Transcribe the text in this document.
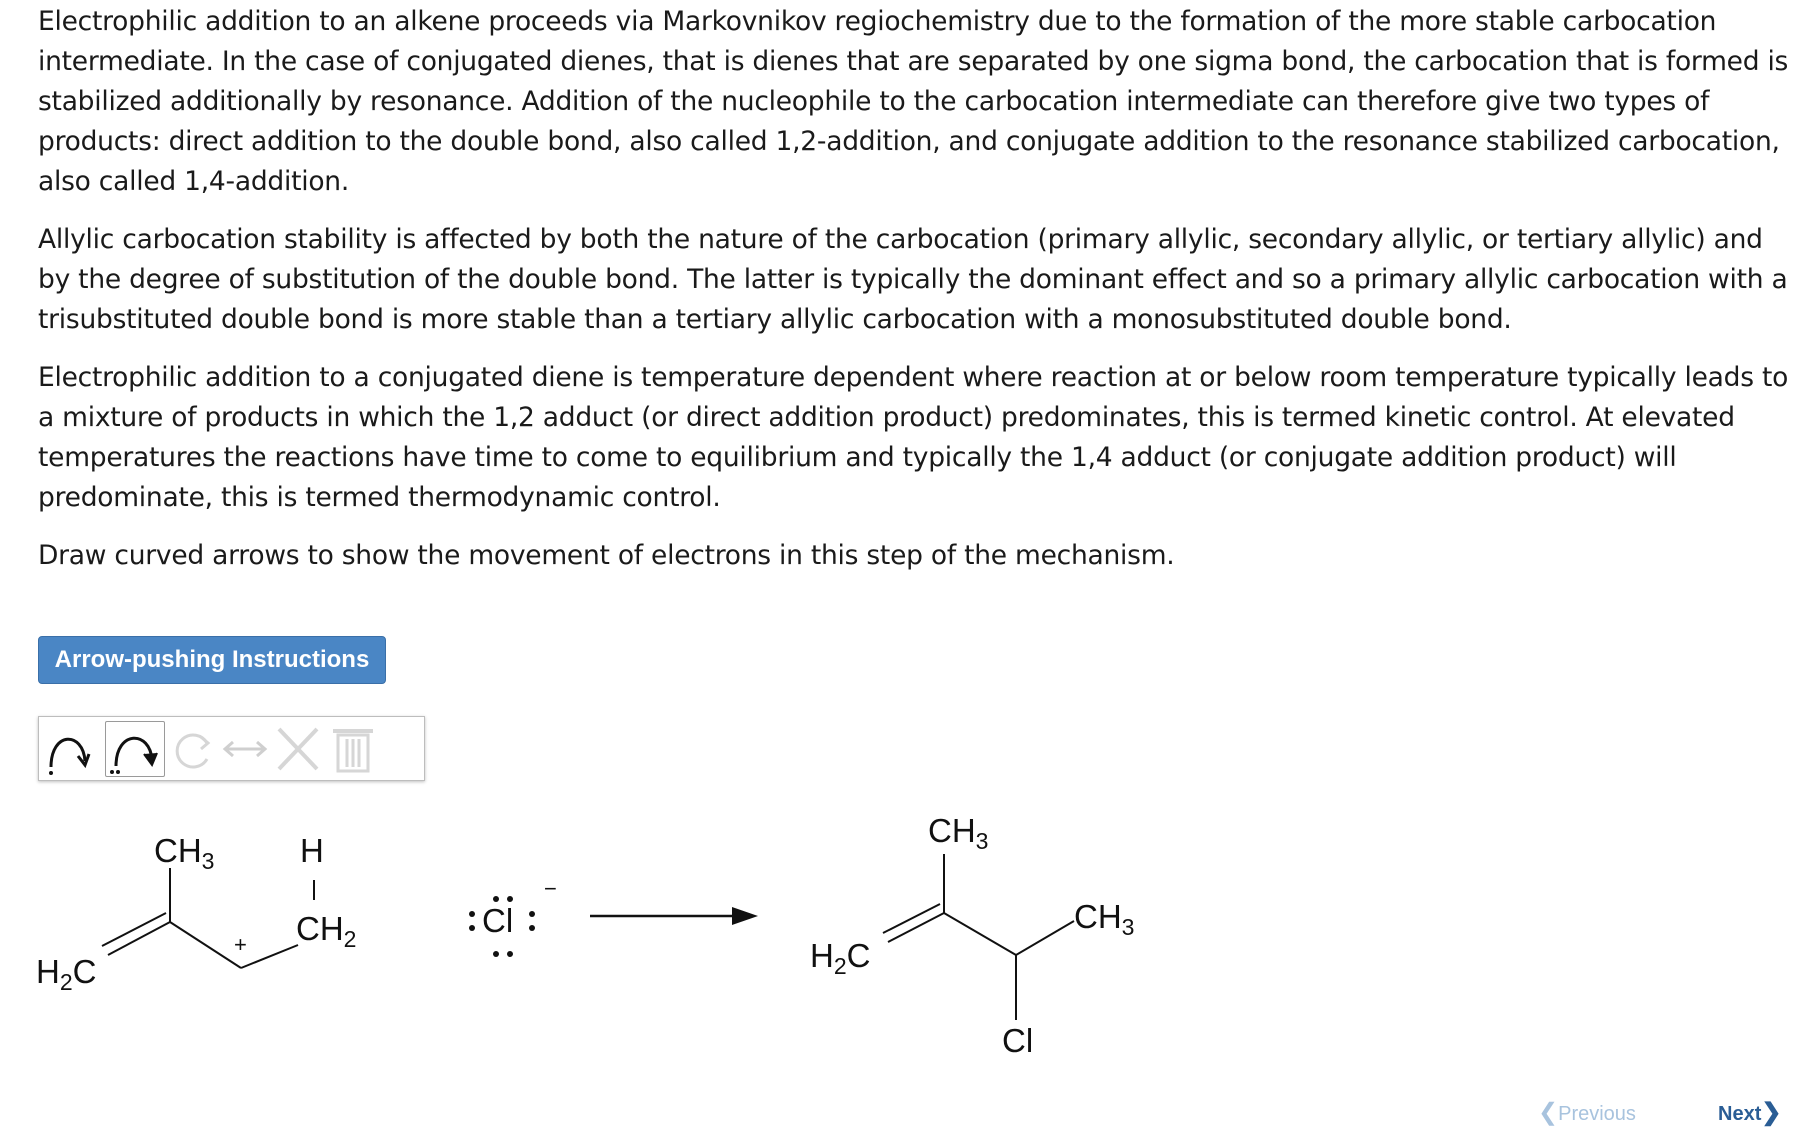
Electrophilic addition to an alkene proceeds via Markovnikov regiochemistry due to the formation of the more stable carbocation intermediate. In the case of conjugated dienes, that is dienes that are separated by one sigma bond, the carbocation that is formed is stabilized additionally by resonance. Addition of the nucleophile to the carbocation intermediate can therefore give two types of products: direct addition to the double bond, also called 1,2-addition, and conjugate addition to the resonance stabilized carbocation, also called 1,4-addition.

Allylic carbocation stability is affected by both the nature of the carbocation (primary allylic, secondary allylic, or tertiary allylic) and by the degree of substitution of the double bond. The latter is typically the dominant effect and so a primary allylic carbocation with a trisubstituted double bond is more stable than a tertiary allylic carbocation with a monosubstituted double bond.

Electrophilic addition to a conjugated diene is temperature dependent where reaction at or below room temperature typically leads to a mixture of products in which the 1,2 adduct (or direct addition product) predominates, this is termed kinetic control. At elevated temperatures the reactions have time to come to equilibrium and typically the 1,4 adduct (or conjugate addition product) will predominate, this is termed thermodynamic control.

Draw curved arrows to show the movement of electrons in this step of the mechanism.

Arrow-pushing Instructions
$H_2C$
$CH_3$	H
$CH_2$
+
Cl
−
$H_2C$
$CH_3$
$CH_3$
Cl
❮Previous	Next❯
